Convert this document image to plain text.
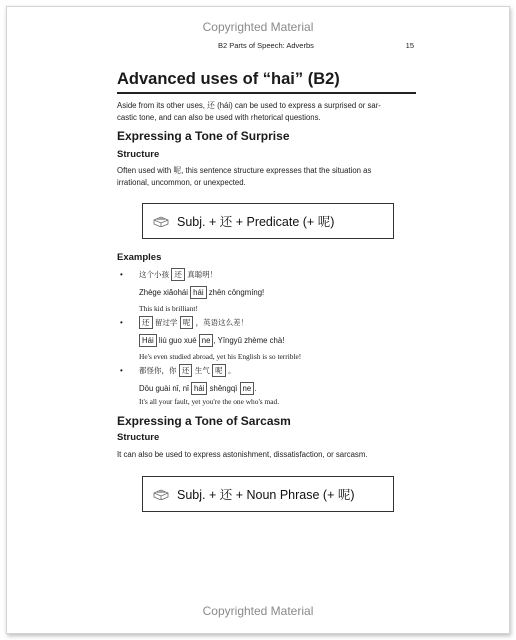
Copyrighted Material
B2 Parts of Speech: Adverbs	15
Advanced uses of “hai” (B2)
Aside from its other uses, 还 (hái) can be used to express a surprised or sar-
castic tone, and can also be used with rhetorical questions.
Expressing a Tone of Surprise
Structure
Often used with 呢, this sentence structure expresses that the situation as
irrational, uncommon, or unexpected.
Subj. + 还 + Predicate (+ 呢)
Examples
• 这个小孩 还 真聪明！
Zhège xiǎohái hái zhēn cōngmíng!
This kid is brilliant!
•	还 留过学 呢 ，英语这么差！
Hái liú guo xué ne , Yīngyǔ zhème chà!
He's even studied abroad, yet his English is so terrible!
• 都怪你，你 还 生气 呢 。
Dōu guài nǐ, nǐ hái shēngqì ne .
It's all your fault, yet you're the one who's mad.
Expressing a Tone of Sarcasm
Structure
It can also be used to express astonishment, dissatisfaction, or sarcasm.
Subj. + 还 + Noun Phrase (+ 呢)
Copyrighted Material
